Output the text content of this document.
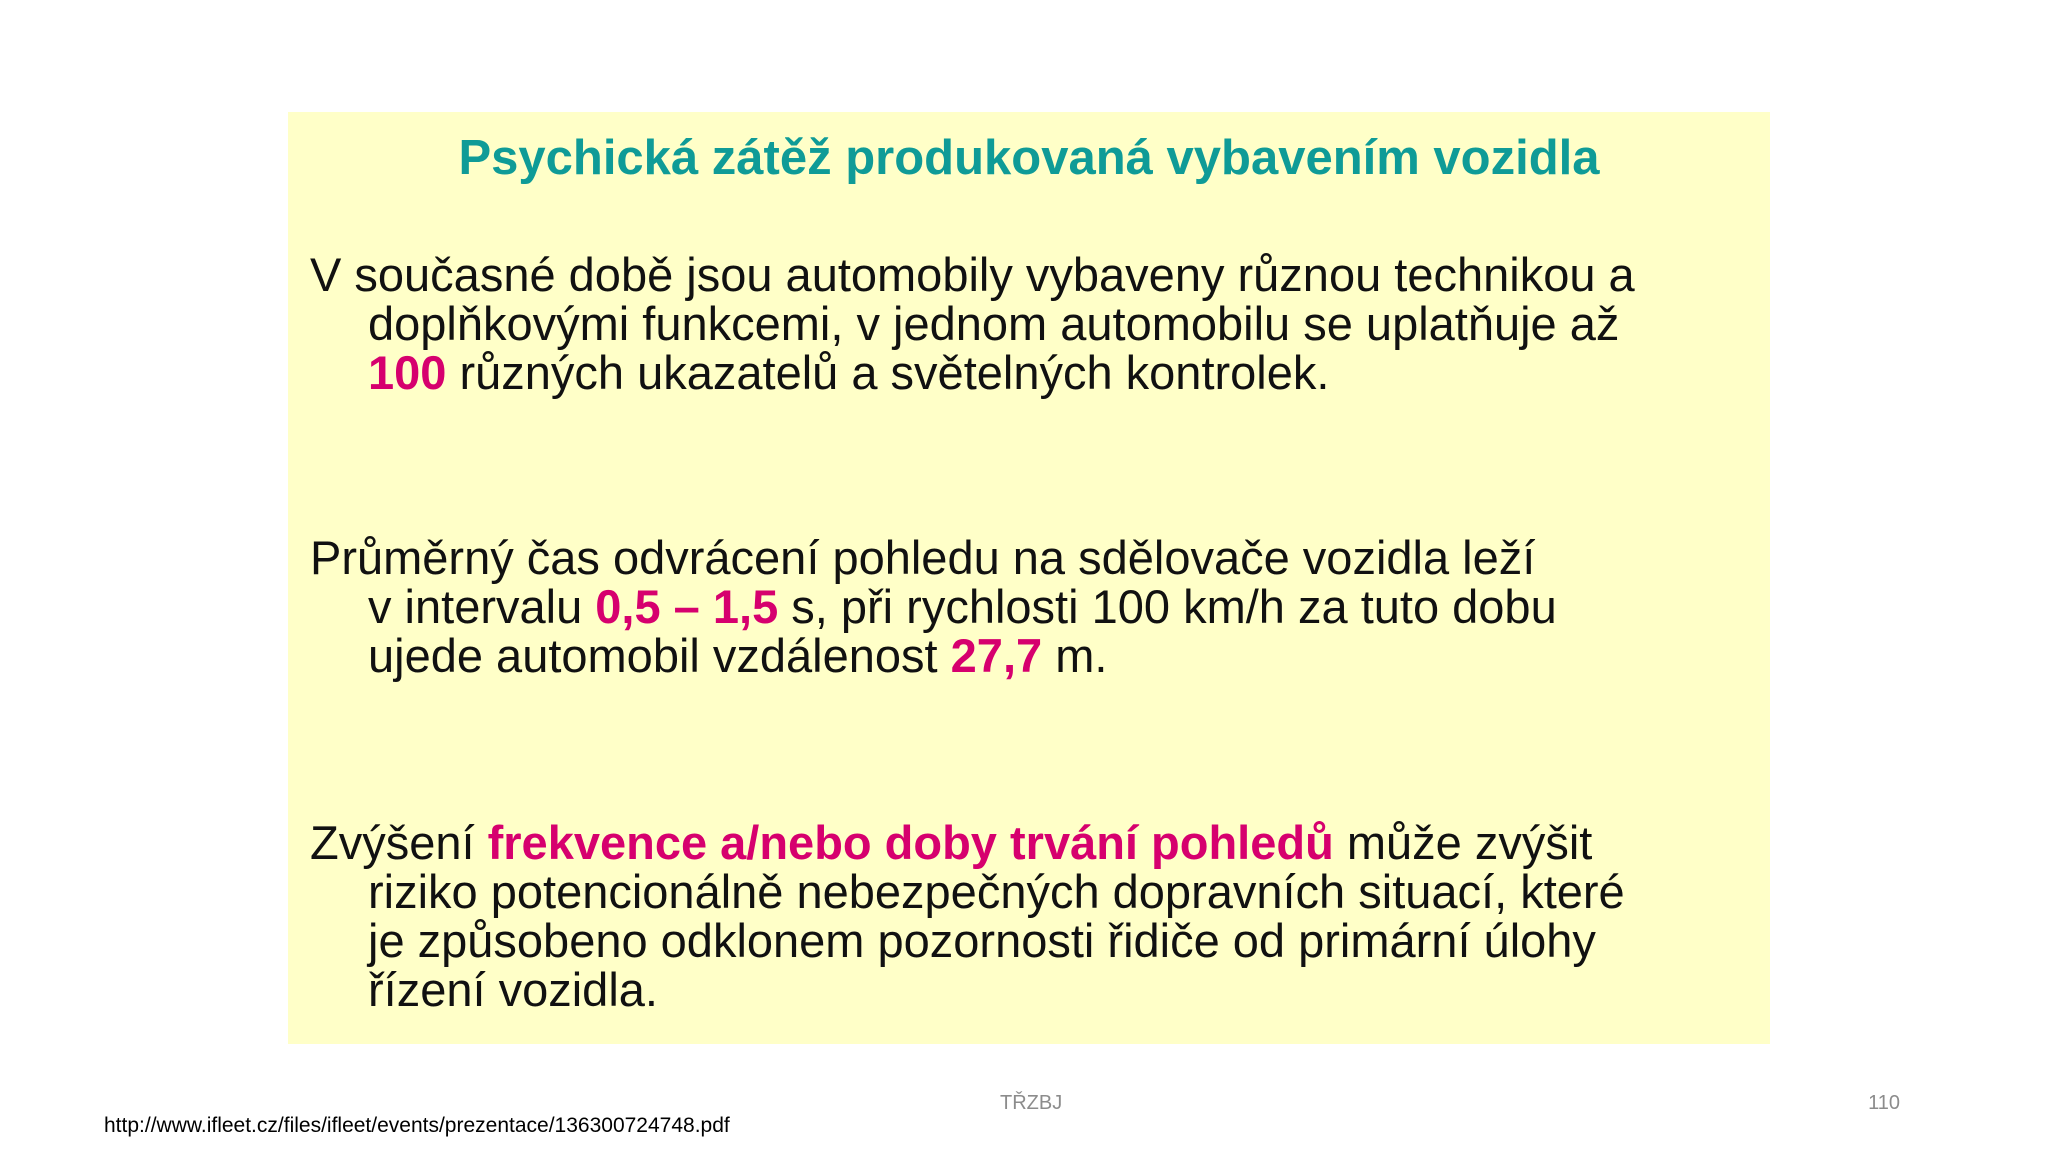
Psychická zátěž produkovaná vybavením vozidla
V současné době jsou automobily vybaveny různou technikou a
doplňkovými funkcemi, v jednom automobilu se uplatňuje až
100 různých ukazatelů a světelných kontrolek.
Průměrný čas odvrácení pohledu na sdělovače vozidla leží
v intervalu 0,5 – 1,5 s, při rychlosti 100 km/h za tuto dobu
ujede automobil vzdálenost 27,7 m.
Zvýšení frekvence a/nebo doby trvání pohledů může zvýšit
riziko potencionálně nebezpečných dopravních situací, které
je způsobeno odklonem pozornosti řidiče od primární úlohy
řízení vozidla.
TŘZBJ	110
http://www.ifleet.cz/files/ifleet/events/prezentace/136300724748.pdf
